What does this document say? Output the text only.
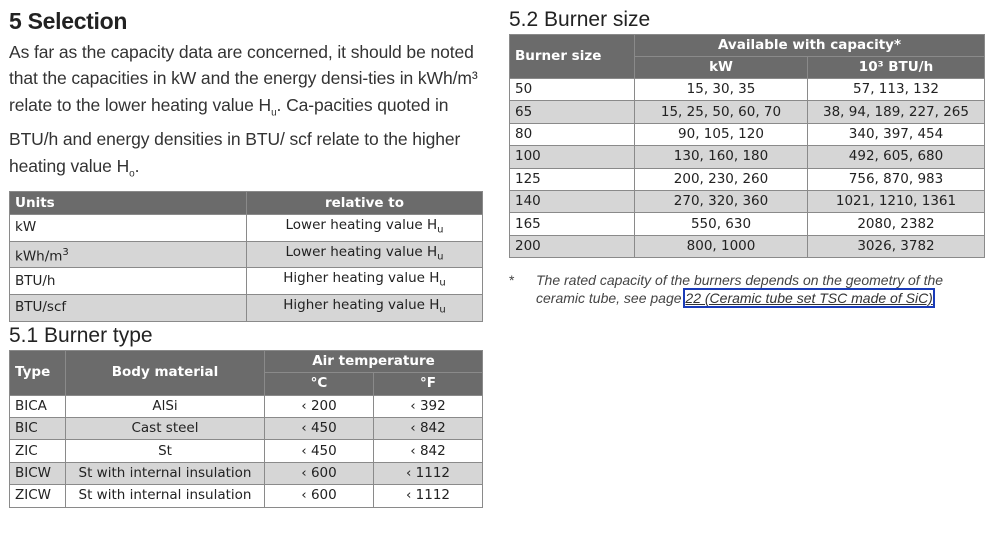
5 Selection

As far as the capacity data are concerned, it should be noted that the capacities in kW and the energy densi-ties in kWh/m³ relate to the lower heating value $H_u$. Ca-pacities quoted in BTU/h and energy densities in BTU/ scf relate to the higher heating value $H_o$.

Units	relative to
kW	Lower heating value $H_u$
kWh/$m^3$	Lower heating value $H_u$
BTU/h	Higher heating value $H_u$
BTU/scf	Higher heating value $H_u$
5.1 Burner type
Type	Body material	Air temperature	
		°C	°F
BICA	AlSi	‹ 200	‹ 392
BIC	Cast steel	‹ 450	‹ 842
ZIC	St	‹ 450	‹ 842
BICW	St with internal insulation	‹ 600	‹ 1112
ZICW	St with internal insulation	‹ 600	‹ 1112
5.2 Burner size
Burner size	Available with capacity*	
	kW	10³ BTU/h
50	15, 30, 35	57, 113, 132
65	15, 25, 50, 60, 70	38, 94, 189, 227, 265
80	90, 105, 120	340, 397, 454
100	130, 160, 180	492, 605, 680
125	200, 230, 260	756, 870, 983
140	270, 320, 360	1021, 1210, 1361
165	550, 630	2080, 2382
200	800, 1000	3026, 3782
* The rated capacity of the burners depends on the geometry of the ceramic tube, see page 22 (Ceramic tube set TSC made of SiC).
